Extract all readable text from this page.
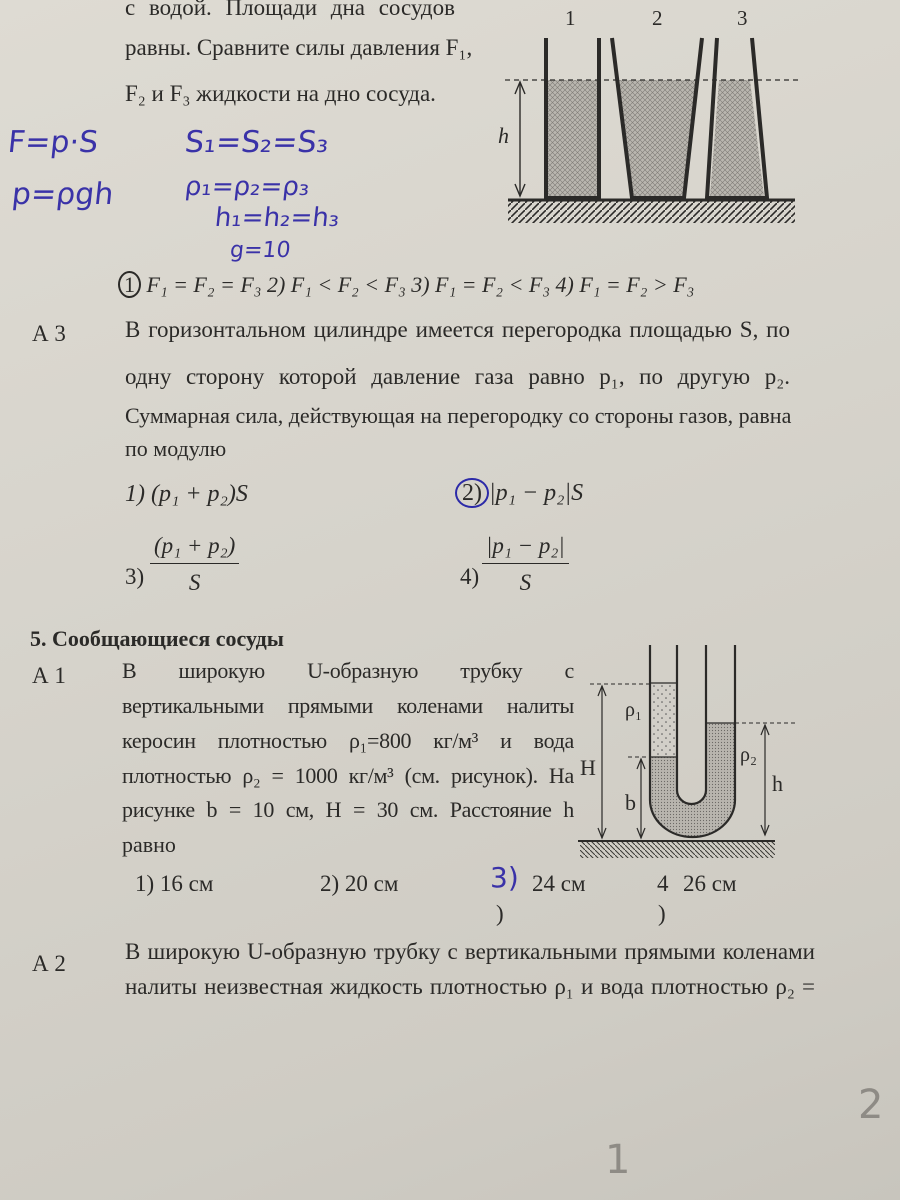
с водой. Площади дна сосудов
равны. Сравните силы давления F₁,
F₂ и F₃ жидкости на дно сосуда.
F=p·S	S₁=S₂=S₃
p=ρgh	ρ₁=ρ₂=ρ₃
h₁=h₂=h₃
g=10
1 F₁ = F₂ = F₃ 2) F₁ < F₂ < F₃ 3) F₁ = F₂ < F₃ 4) F₁ = F₂ > F₃
А 3	В горизонтальном цилиндре имеется перегородка площадью S, по
одну сторону которой давление газа равно p₁, по другую p₂.
Суммарная сила, действующая на перегородку со стороны газов, равна
по модулю
1) (p₁ + p₂)S	2) |p₁ − p₂|S
$3) \frac{\text{(p₁ + p₂)}}{S}$	$4) \frac{\text{|p₁ − p₂|}}{S}$
5. Сообщающиеся сосуды
А 1	В широкую U-образную трубку с
вертикальными прямыми коленами налиты
керосин плотностью ρ₁=800 кг/м³ и вода
плотностью ρ₂ = 1000 кг/м³ (см. рисунок). На
рисунке b = 10 см, H = 30 см. Расстояние h
равно
1) 16 см	2) 20 см	3)
)
24 см	4
)
26 см
А 2	В широкую U-образную трубку с вертикальными прямыми коленами
налиты неизвестная жидкость плотностью ρ₁ и вода плотностью ρ₂ =
2
1
1	2	3
h
ρ₁
ρ₂
H
b
h
